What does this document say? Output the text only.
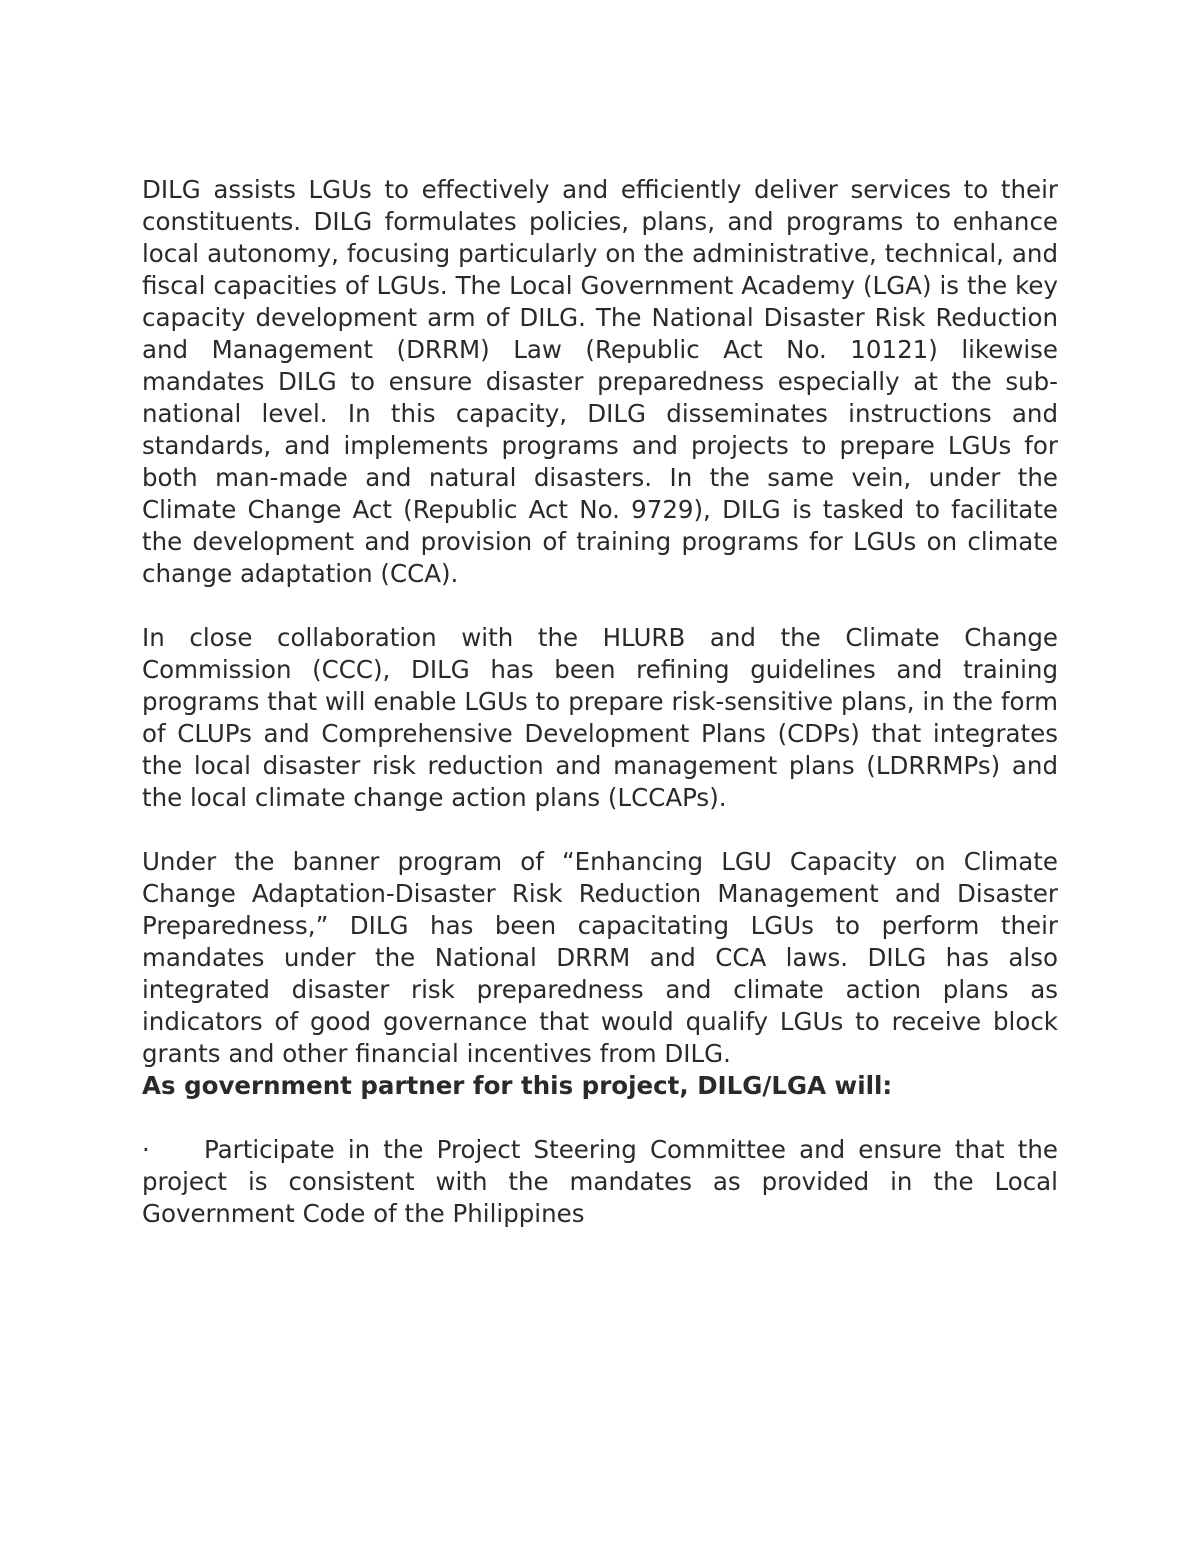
DILG assists LGUs to effectively and efficiently deliver services to their constituents. DILG formulates policies, plans, and programs to enhance local autonomy, focusing particularly on the administrative, technical, and fiscal capacities of LGUs. The Local Government Academy (LGA) is the key capacity development arm of DILG. The National Disaster Risk Reduction and Management (DRRM) Law (Republic Act No. 10121) likewise mandates DILG to ensure disaster preparedness especially at the sub-national level. In this capacity, DILG disseminates instructions and standards, and implements programs and projects to prepare LGUs for both man-made and natural disasters. In the same vein, under the Climate Change Act (Republic Act No. 9729), DILG is tasked to facilitate the development and provision of training programs for LGUs on climate change adaptation (CCA).

In close collaboration with the HLURB and the Climate Change Commission (CCC), DILG has been refining guidelines and training programs that will enable LGUs to prepare risk-sensitive plans, in the form of CLUPs and Comprehensive Development Plans (CDPs) that integrates the local disaster risk reduction and management plans (LDRRMPs) and the local climate change action plans (LCCAPs).

Under the banner program of “Enhancing LGU Capacity on Climate Change Adaptation-Disaster Risk Reduction Management and Disaster Preparedness,” DILG has been capacitating LGUs to perform their mandates under the National DRRM and CCA laws. DILG has also integrated disaster risk preparedness and climate action plans as indicators of good governance that would qualify LGUs to receive block grants and other financial incentives from DILG.

As government partner for this project, DILG/LGA will:

· Participate in the Project Steering Committee and ensure that the project is consistent with the mandates as provided in the Local Government Code of the Philippines
